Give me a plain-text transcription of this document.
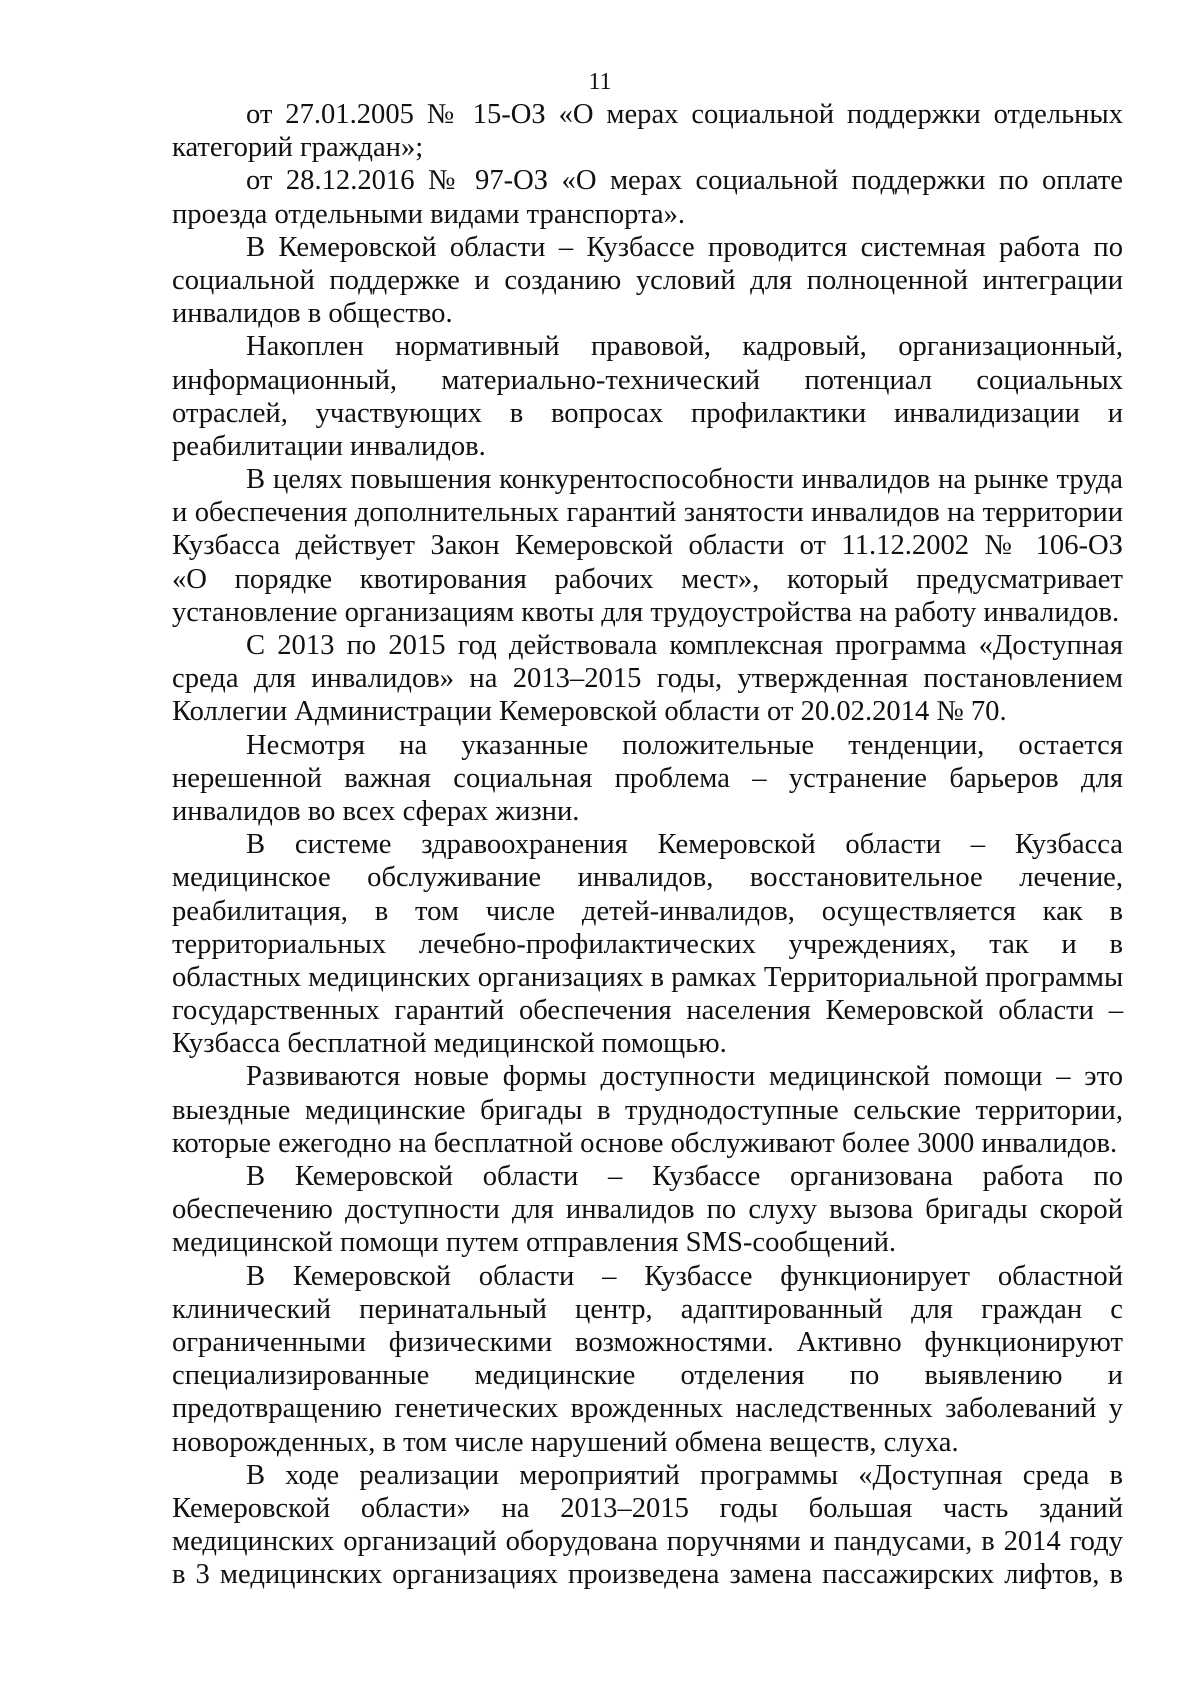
11
от 27.01.2005 № 15-ОЗ «О мерах социальной поддержки отдельных
категорий граждан»;
от 28.12.2016 № 97-ОЗ «О мерах социальной поддержки по оплате
проезда отдельными видами транспорта».
В Кемеровской области – Кузбассе проводится системная работа по
социальной поддержке и созданию условий для полноценной интеграции
инвалидов в общество.
Накоплен нормативный правовой, кадровый, организационный,
информационный, материально-технический потенциал социальных
отраслей, участвующих в вопросах профилактики инвалидизации и
реабилитации инвалидов.
В целях повышения конкурентоспособности инвалидов на рынке труда
и обеспечения дополнительных гарантий занятости инвалидов на территории
Кузбасса действует Закон Кемеровской области от 11.12.2002 № 106-ОЗ
«О порядке квотирования рабочих мест», который предусматривает
установление организациям квоты для трудоустройства на работу инвалидов.
С 2013 по 2015 год действовала комплексная программа «Доступная
среда для инвалидов» на 2013–2015 годы, утвержденная постановлением
Коллегии Администрации Кемеровской области от 20.02.2014 № 70.
Несмотря на указанные положительные тенденции, остается
нерешенной важная социальная проблема – устранение барьеров для
инвалидов во всех сферах жизни.
В системе здравоохранения Кемеровской области – Кузбасса
медицинское обслуживание инвалидов, восстановительное лечение,
реабилитация, в том числе детей-инвалидов, осуществляется как в
территориальных лечебно-профилактических учреждениях, так и в
областных медицинских организациях в рамках Территориальной программы
государственных гарантий обеспечения населения Кемеровской области –
Кузбасса бесплатной медицинской помощью.
Развиваются новые формы доступности медицинской помощи – это
выездные медицинские бригады в труднодоступные сельские территории,
которые ежегодно на бесплатной основе обслуживают более 3000 инвалидов.
В Кемеровской области – Кузбассе организована работа по
обеспечению доступности для инвалидов по слуху вызова бригады скорой
медицинской помощи путем отправления SMS-сообщений.
В Кемеровской области – Кузбассе функционирует областной
клинический перинатальный центр, адаптированный для граждан с
ограниченными физическими возможностями. Активно функционируют
специализированные медицинские отделения по выявлению и
предотвращению генетических врожденных наследственных заболеваний у
новорожденных, в том числе нарушений обмена веществ, слуха.
В ходе реализации мероприятий программы «Доступная среда в
Кемеровской области» на 2013–2015 годы большая часть зданий
медицинских организаций оборудована поручнями и пандусами, в 2014 году
в 3 медицинских организациях произведена замена пассажирских лифтов, в
